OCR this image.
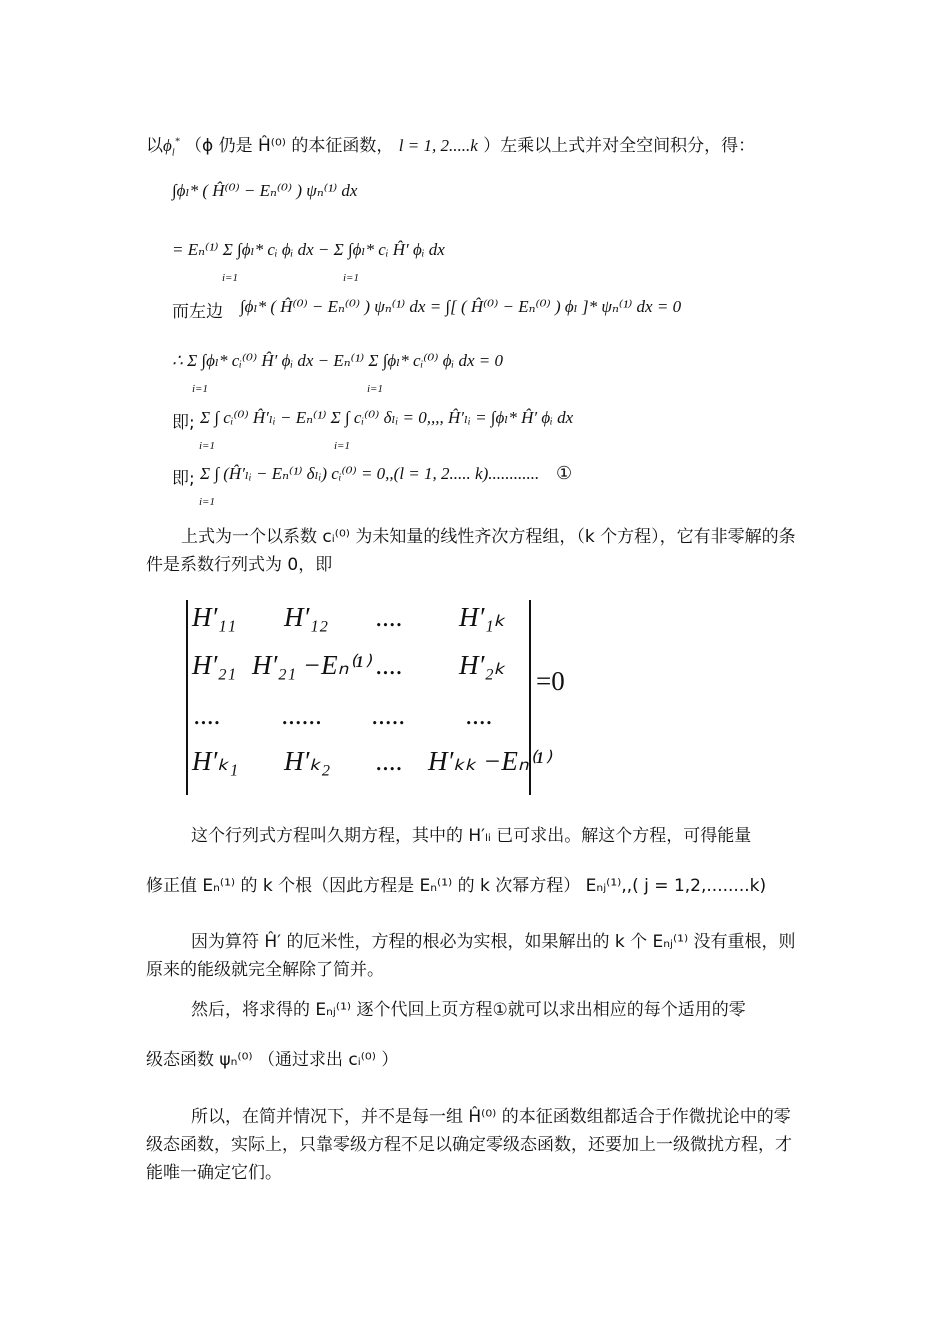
以$\phi_l^*$ （ϕ 仍是 Ĥ⁽⁰⁾ 的本征函数， l = 1, 2.....k ）左乘以上式并对全空间积分，得：
∫ϕₗ* ( Ĥ⁽⁰⁾ − Eₙ⁽⁰⁾ ) ψₙ⁽¹⁾ dx
= Eₙ⁽¹⁾ Σ ∫ϕₗ* cᵢ ϕᵢ dx − Σ ∫ϕₗ* cᵢ Ĥ′ ϕᵢ dx
i=1	i=1
而左边 ∫ϕₗ* ( Ĥ⁽⁰⁾ − Eₙ⁽⁰⁾ ) ψₙ⁽¹⁾ dx = ∫[ ( Ĥ⁽⁰⁾ − Eₙ⁽⁰⁾ ) ϕₗ ]* ψₙ⁽¹⁾ dx = 0
∴ Σ ∫ϕₗ* cᵢ⁽⁰⁾ Ĥ′ ϕᵢ dx − Eₙ⁽¹⁾ Σ ∫ϕₗ* cᵢ⁽⁰⁾ ϕᵢ dx = 0
i=1	i=1
即; Σ ∫ cᵢ⁽⁰⁾ Ĥ′ₗᵢ − Eₙ⁽¹⁾ Σ ∫ cᵢ⁽⁰⁾ δₗᵢ = 0,,,, Ĥ′ₗᵢ = ∫ϕₗ* Ĥ′ ϕᵢ dx
i=1	i=1
即; Σ ∫ (Ĥ′ₗᵢ − Eₙ⁽¹⁾ δₗᵢ) cᵢ⁽⁰⁾ = 0,,(l = 1, 2..... k)............ ①
i=1
上式为一个以系数 cᵢ⁽⁰⁾ 为未知量的线性齐次方程组，（k 个方程），它有非零解的条件是系数行列式为 0，即
H′₁₁ H′₁₂ .... H′₁ₖ
H′₂₁ H′₂₁ −Eₙ⁽¹⁾ .... H′₂ₖ
.... ...... ..... ....
H′ₖ₁ H′ₖ₂ .... H′ₖₖ −Eₙ⁽¹⁾
=0
这个行列式方程叫久期方程，其中的 H′ₗᵢ 已可求出。解这个方程，可得能量
修正值 Eₙ⁽¹⁾ 的 k 个根（因此方程是 Eₙ⁽¹⁾ 的 k 次幂方程） Eₙⱼ⁽¹⁾,,( j = 1,2,........k)
因为算符 Ĥ′ 的厄米性，方程的根必为实根，如果解出的 k 个 Eₙⱼ⁽¹⁾ 没有重根，则原来的能级就完全解除了简并。
然后，将求得的 Eₙⱼ⁽¹⁾ 逐个代回上页方程①就可以求出相应的每个适用的零
级态函数 ψₙ⁽⁰⁾ （通过求出 cᵢ⁽⁰⁾ ）
所以，在简并情况下，并不是每一组 Ĥ⁽⁰⁾ 的本征函数组都适合于作微扰论中的零级态函数，实际上，只靠零级方程不足以确定零级态函数，还要加上一级微扰方程，才能唯一确定它们。
